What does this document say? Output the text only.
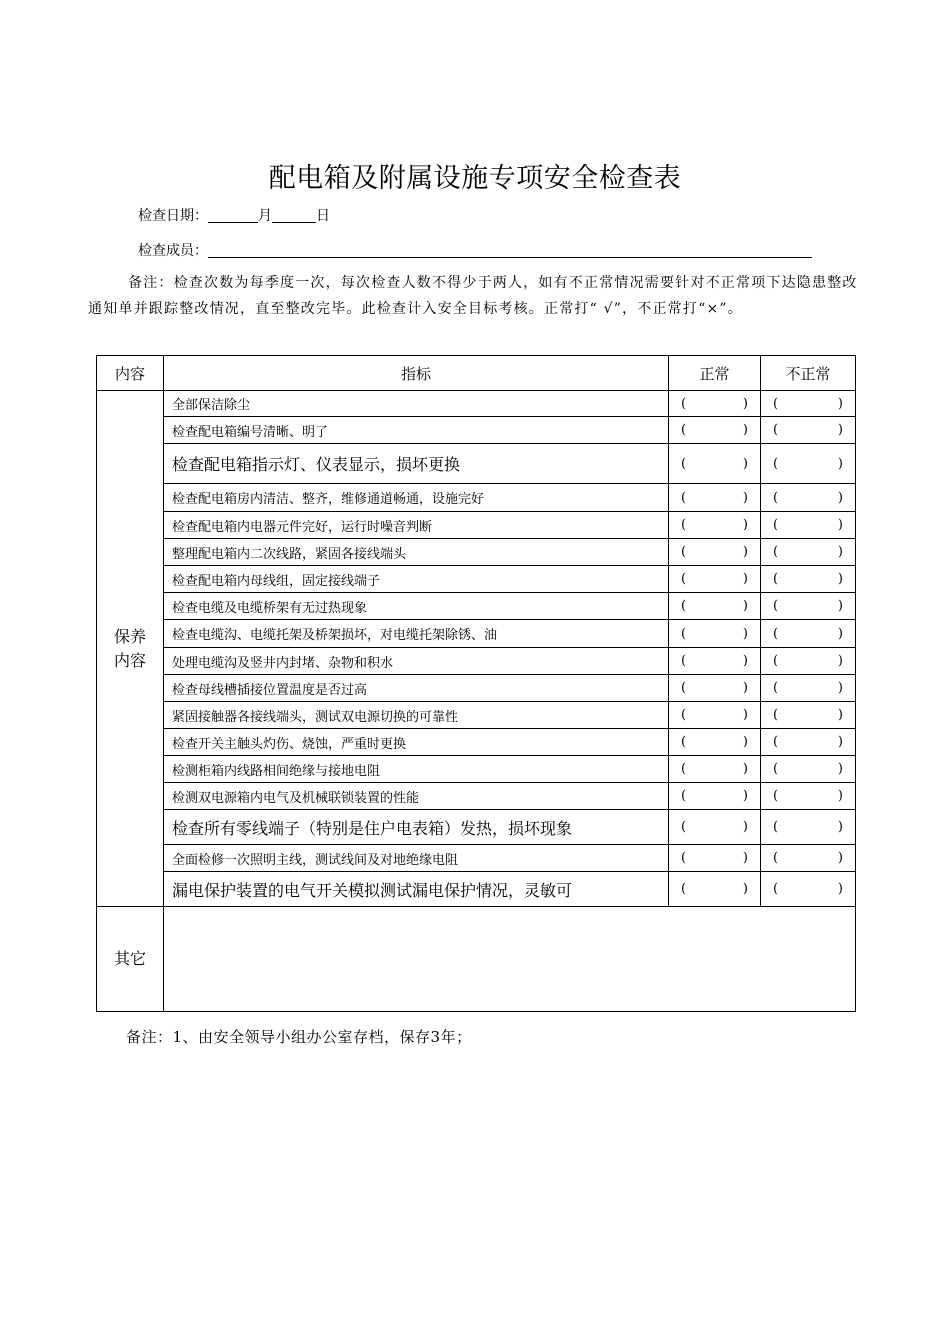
配电箱及附属设施专项安全检查表
检查日期：	月	日
检查成员：
备注：检查次数为每季度一次，每次检查人数不得少于两人，如有不正常情况需要针对不正常项下达隐患整改通知单并跟踪整改情况，直至整改完毕。此检查计入安全目标考核。正常打“ √”，不正常打“×”。
内容	指标	正常	不正常

保养内容	全部保洁除尘	( )	( )

	检查配电箱编号清晰、明了	( )	( )

	检查配电箱指示灯、仪表显示，损坏更换	( )	( )

	检查配电箱房内清洁、整齐，维修通道畅通，设施完好	( )	( )

	检查配电箱内电器元件完好，运行时噪音判断	( )	( )

	整理配电箱内二次线路，紧固各接线端头	( )	( )

	检查配电箱内母线组，固定接线端子	( )	( )

	检查电缆及电缆桥架有无过热现象	( )	( )

	检查电缆沟、电缆托架及桥架损坏，对电缆托架除锈、油	( )	( )

	处理电缆沟及竖井内封堵、杂物和积水	( )	( )

	检查母线槽插接位置温度是否过高	( )	( )

	紧固接触器各接线端头，测试双电源切换的可靠性	( )	( )

	检查开关主触头灼伤、烧蚀，严重时更换	( )	( )

	检测柜箱内线路相间绝缘与接地电阻	( )	( )

	检测双电源箱内电气及机械联锁装置的性能	( )	( )

	检查所有零线端子（特别是住户电表箱）发热，损坏现象	( )	( )

	全面检修一次照明主线，测试线间及对地绝缘电阻	( )	( )

	漏电保护装置的电气开关模拟测试漏电保护情况，灵敏可	( )	( )

其它			
备注：1、由安全领导小组办公室存档，保存3年；
